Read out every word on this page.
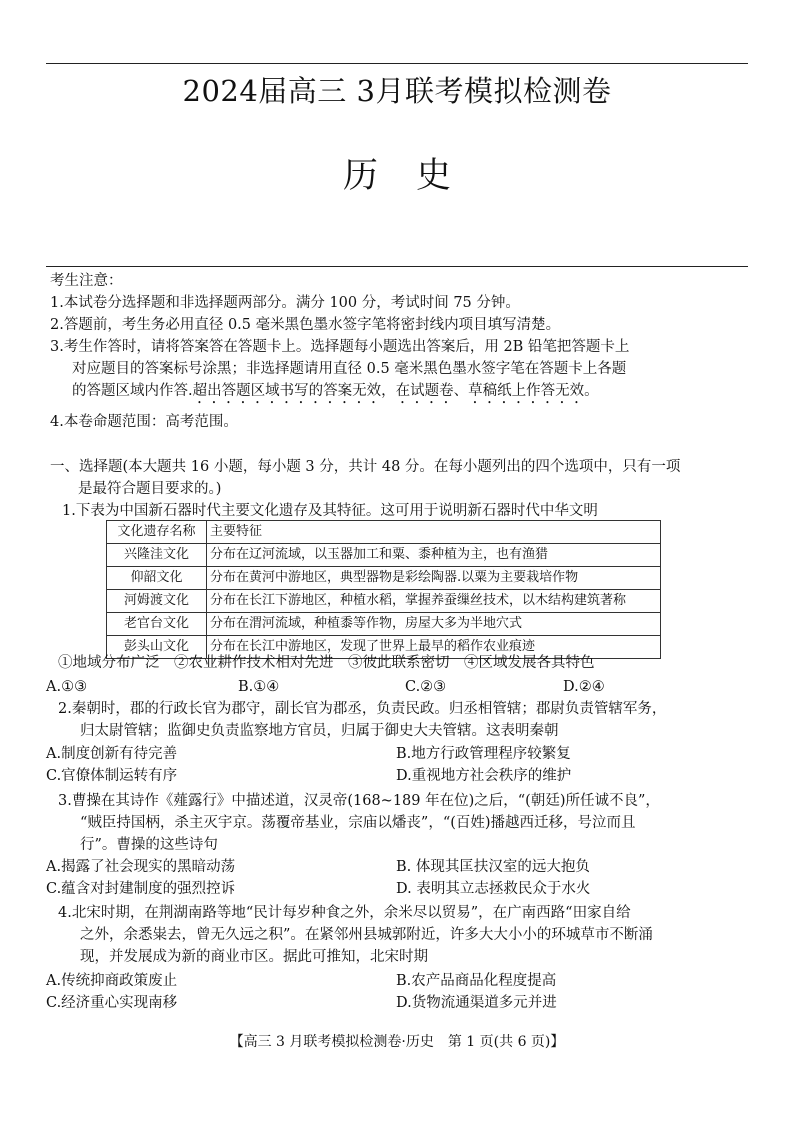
2024届高三 3月联考模拟检测卷
历史
考生注意：
1.本试卷分选择题和非选择题两部分。满分 100 分，考试时间 75 分钟。
2.答题前，考生务必用直径 0.5 毫米黑色墨水签字笔将密封线内项目填写清楚。
3.考生作答时，请将答案答在答题卡上。选择题每小题选出答案后，用 2B 铅笔把答题卡上
对应题目的答案标号涂黑；非选择题请用直径 0.5 毫米黑色墨水签字笔在答题卡上各题
的答题区域内作答.超出答题区域书写的答案无效，在试题卷、草稿纸上作答无效。
4.本卷命题范围：高考范围。
一、选择题(本大题共 16 小题，每小题 3 分，共计 48 分。在每小题列出的四个选项中，只有一项
是最符合题目要求的。)
1.下表为中国新石器时代主要文化遗存及其特征。这可用于说明新石器时代中华文明
文化遗存名称	主要特征
兴隆洼文化	分布在辽河流域，以玉器加工和粟、黍种植为主，也有渔猎
仰韶文化	分布在黄河中游地区，典型器物是彩绘陶器.以粟为主要栽培作物
河姆渡文化	分布在长江下游地区，种植水稻，掌握养蚕缫丝技术，以木结构建筑著称
老官台文化	分布在渭河流域，种植黍等作物，房屋大多为半地穴式
彭头山文化	分布在长江中游地区，发现了世界上最早的稻作农业痕迹
①地域分布广泛　②农业耕作技术相对先进　③彼此联系密切　④区域发展各具特色
A.①③	B.①④	C.②③	D.②④
2.秦朝时，郡的行政长官为郡守，副长官为郡丞，负责民政。归丞相管辖；郡尉负责管辖军务，
归太尉管辖；监御史负责监察地方官员，归属于御史大夫管辖。这表明秦朝
A.制度创新有待完善	B.地方行政管理程序较繁复
C.官僚体制运转有序	D.重视地方社会秩序的维护
3.曹操在其诗作《薤露行》中描述道，汉灵帝(168~189 年在位)之后，“(朝廷)所任诚不良”，
“贼臣持国柄，杀主灭宇京。荡覆帝基业，宗庙以燔丧”，“(百姓)播越西迁移，号泣而且
行”。曹操的这些诗句
A.揭露了社会现实的黑暗动荡	B. 体现其匡扶汉室的远大抱负
C.蕴含对封建制度的强烈控诉	D. 表明其立志拯救民众于水火
4.北宋时期，在荆湖南路等地“民计每岁种食之外，余米尽以贸易”，在广南西路“田家自给
之外，余悉粜去，曾无久远之积”。在紧邻州县城郭附近，许多大大小小的环城草市不断涌
现，并发展成为新的商业市区。据此可推知，北宋时期
A.传统抑商政策废止	B.农产品商品化程度提高
C.经济重心实现南移	D.货物流通渠道多元并进
【高三 3 月联考模拟检测卷·历史　第 1 页(共 6 页)】
